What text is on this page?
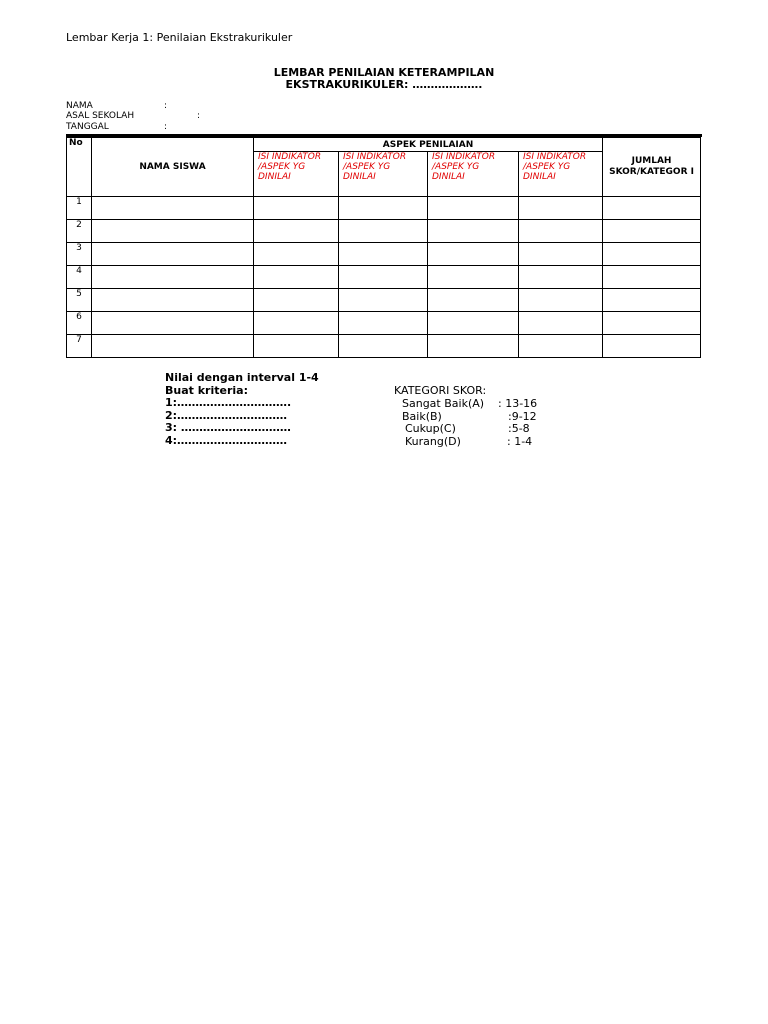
Lembar Kerja 1: Penilaian Ekstrakurikuler
LEMBAR PENILAIAN KETERAMPILAN
EKSTRAKURIKULER: ……………….
NAMA	:
ASAL SEKOLAH	:
TANGGAL	:
No	NAMA SISWA	ASPEK PENILAIAN				JUMLAH SKOR/KATEGOR I
		ISI INDIKATOR /ASPEK YG DINILAI	ISI INDIKATOR /ASPEK YG DINILAI	ISI INDIKATOR /ASPEK YG DINILAI	ISI INDIKATOR /ASPEK YG DINILAI	
1						
2						
3						
4						
5						
6						
7						
Nilai dengan interval 1-4
Buat kriteria:
1:………………………….
2:…………………………
3: …………………………
4:…………………………
KATEGORI SKOR:
Sangat Baik(A) : 13-16
Baik(B)	:9-12
Cukup(C)	:5-8
Kurang(D)	: 1-4
